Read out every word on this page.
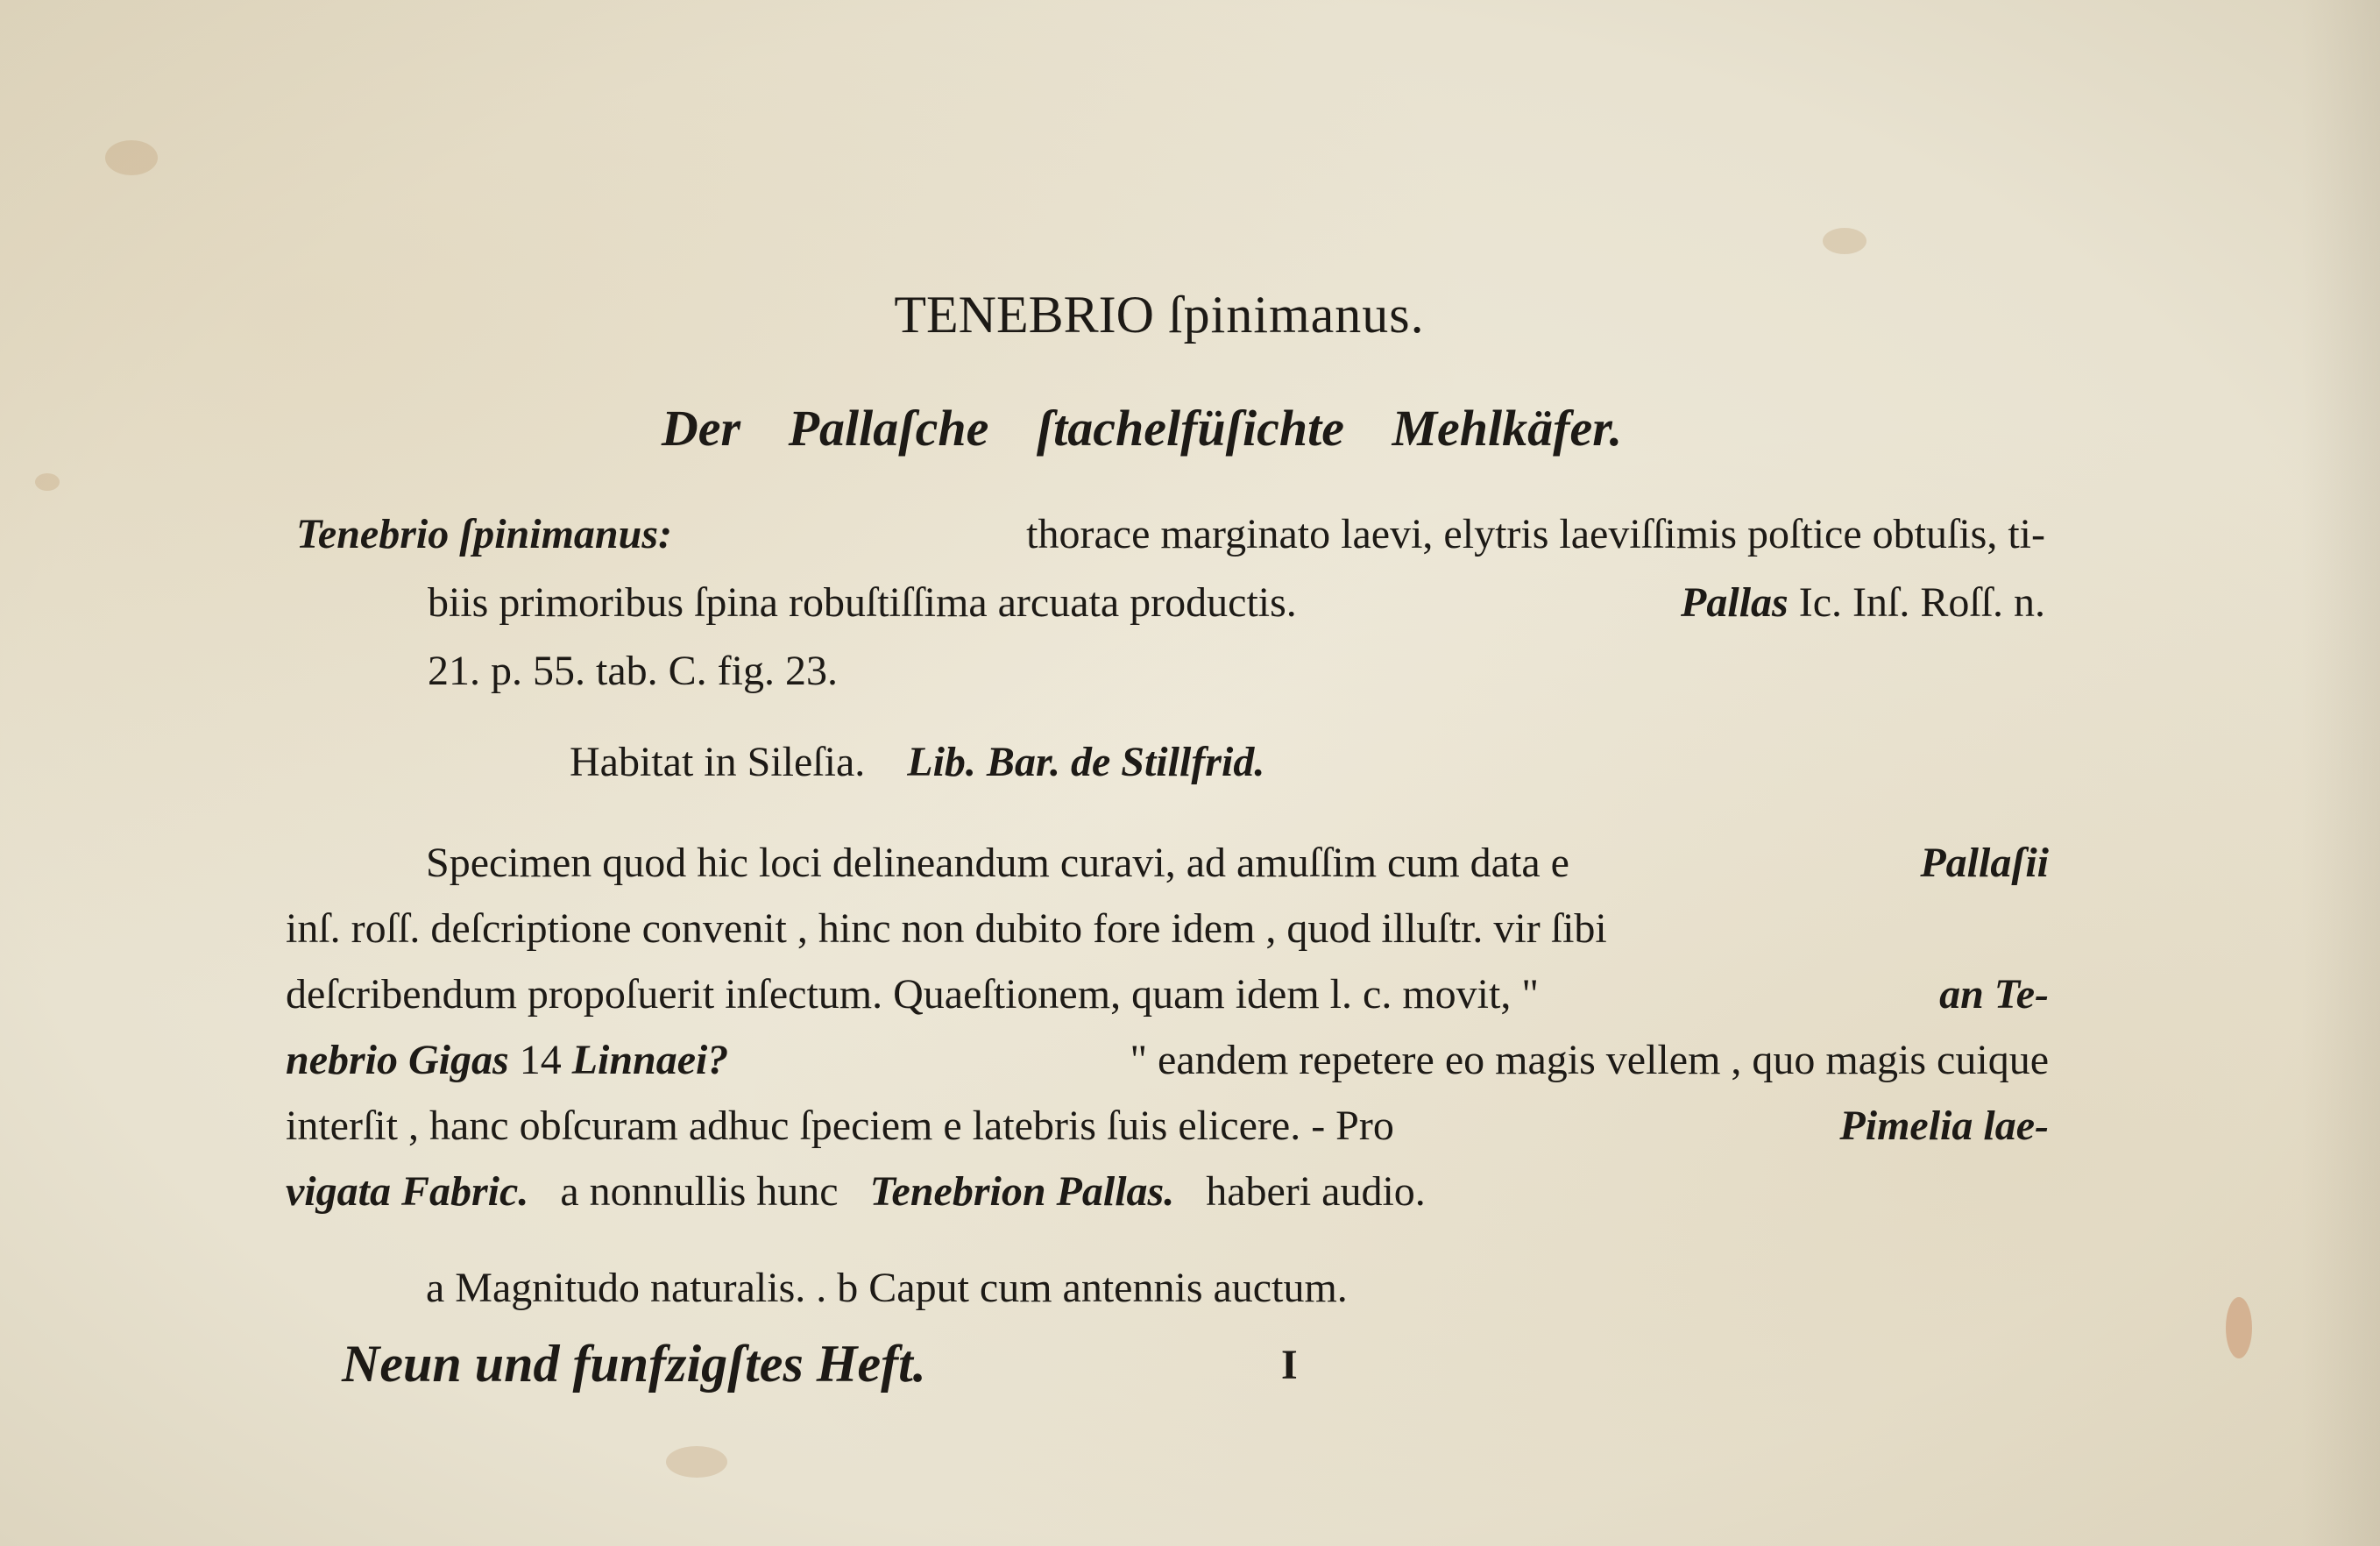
TENEBRIO ſpinimanus.
Der Pallaſche ſtachelfüſichte Mehlkäfer.
Tenebrio ſpinimanus:	thorace marginato laevi, elytris laeviſſimis poſtice obtuſis, ti-
biis primoribus ſpina robuſtiſſima arcuata productis.	Pallas Ic. Inſ. Roſſ. n.
21. p. 55. tab. C. fig. 23.
Habitat in Sileſia. Lib. Bar. de Stillfrid.
Specimen quod hic loci delineandum curavi, ad amuſſim cum data e	Pallaſii
inſ. roſſ. deſcriptione convenit , hinc non dubito fore idem , quod illuſtr. vir ſibi
deſcribendum propoſuerit inſectum. Quaeſtionem, quam idem l. c. movit, "	an Te-
nebrio Gigas 14 Linnaei?	" eandem repetere eo magis vellem , quo magis cuique
interſit , hanc obſcuram adhuc ſpeciem e latebris ſuis elicere. - Pro	Pimelia lae-
vigata Fabric. a nonnullis hunc Tenebrion Pallas. haberi audio.
a Magnitudo naturalis. . b Caput cum antennis auctum.
Neun und funfzigſtes Heft.	I
